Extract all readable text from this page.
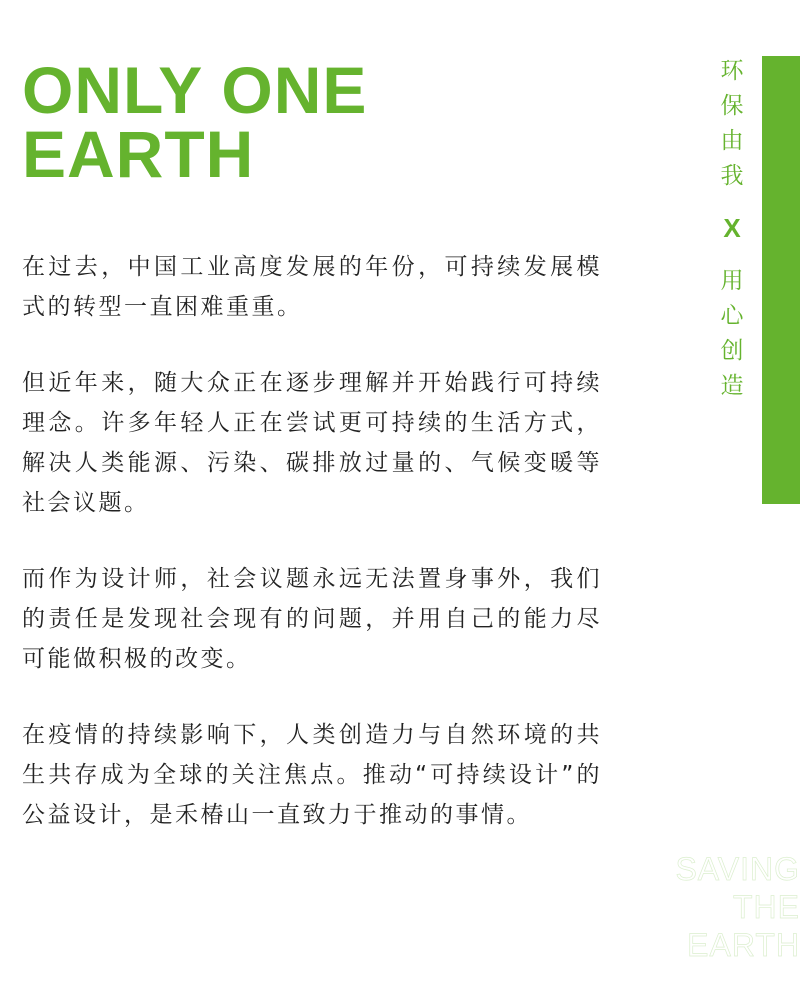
ONLY ONE
EARTH

在过去，中国工业高度发展的年份，可持续发展模式的转型一直困难重重。

但近年来，随大众正在逐步理解并开始践行可持续理念。许多年轻人正在尝试更可持续的生活方式，解决人类能源、污染、碳排放过量的、气候变暖等社会议题。

而作为设计师，社会议题永远无法置身事外，我们的责任是发现社会现有的问题，并用自己的能力尽可能做积极的改变。

在疫情的持续影响下，人类创造力与自然环境的共生共存成为全球的关注焦点。推动“可持续设计”的公益设计，是禾椿山一直致力于推动的事情。

环
保
由
我
X
用
心
创
造
SAVING
THE
EARTH
